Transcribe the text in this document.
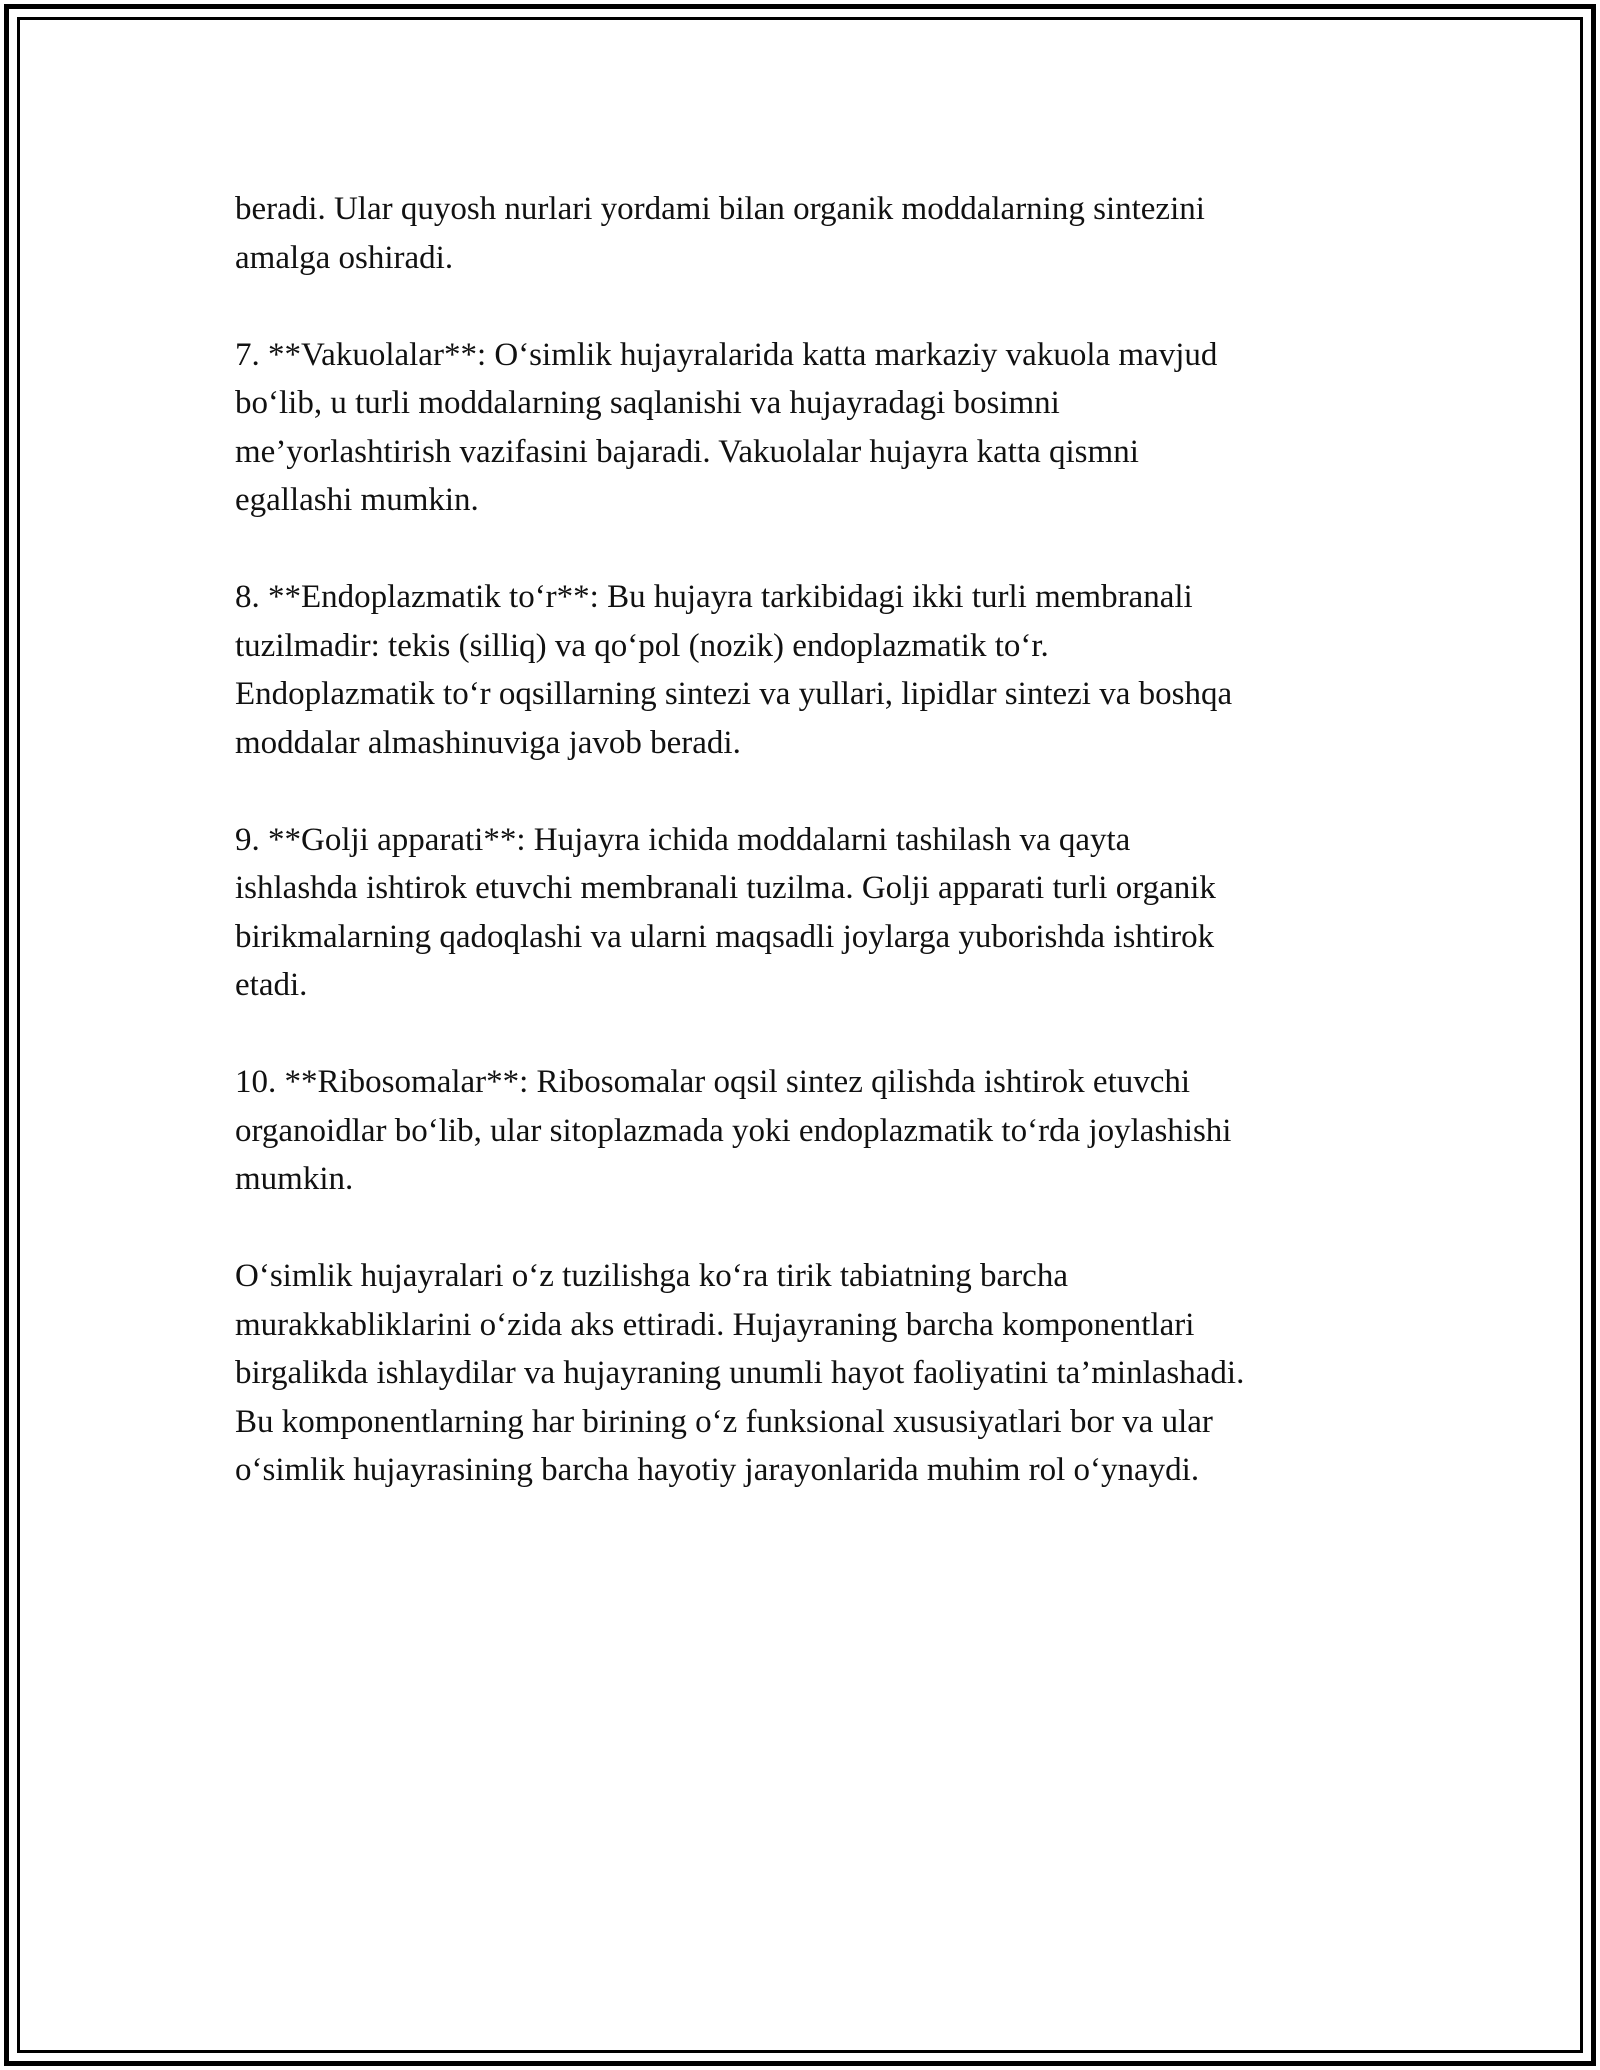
beradi. Ular quyosh nurlari yordami bilan organik moddalarning sintezini
amalga oshiradi.

7. **Vakuolalar**: O‘simlik hujayralarida katta markaziy vakuola mavjud
bo‘lib, u turli moddalarning saqlanishi va hujayradagi bosimni
me’yorlashtirish vazifasini bajaradi. Vakuolalar hujayra katta qismni
egallashi mumkin.

8. **Endoplazmatik to‘r**: Bu hujayra tarkibidagi ikki turli membranali
tuzilmadir: tekis (silliq) va qo‘pol (nozik) endoplazmatik to‘r.
Endoplazmatik to‘r oqsillarning sintezi va yullari, lipidlar sintezi va boshqa
moddalar almashinuviga javob beradi.

9. **Golji apparati**: Hujayra ichida moddalarni tashilash va qayta
ishlashda ishtirok etuvchi membranali tuzilma. Golji apparati turli organik
birikmalarning qadoqlashi va ularni maqsadli joylarga yuborishda ishtirok
etadi.

10. **Ribosomalar**: Ribosomalar oqsil sintez qilishda ishtirok etuvchi
organoidlar bo‘lib, ular sitoplazmada yoki endoplazmatik to‘rda joylashishi
mumkin.

O‘simlik hujayralari o‘z tuzilishga ko‘ra tirik tabiatning barcha
murakkabliklarini o‘zida aks ettiradi. Hujayraning barcha komponentlari
birgalikda ishlaydilar va hujayraning unumli hayot faoliyatini ta’minlashadi.
Bu komponentlarning har birining o‘z funksional xususiyatlari bor va ular
o‘simlik hujayrasining barcha hayotiy jarayonlarida muhim rol o‘ynaydi.
